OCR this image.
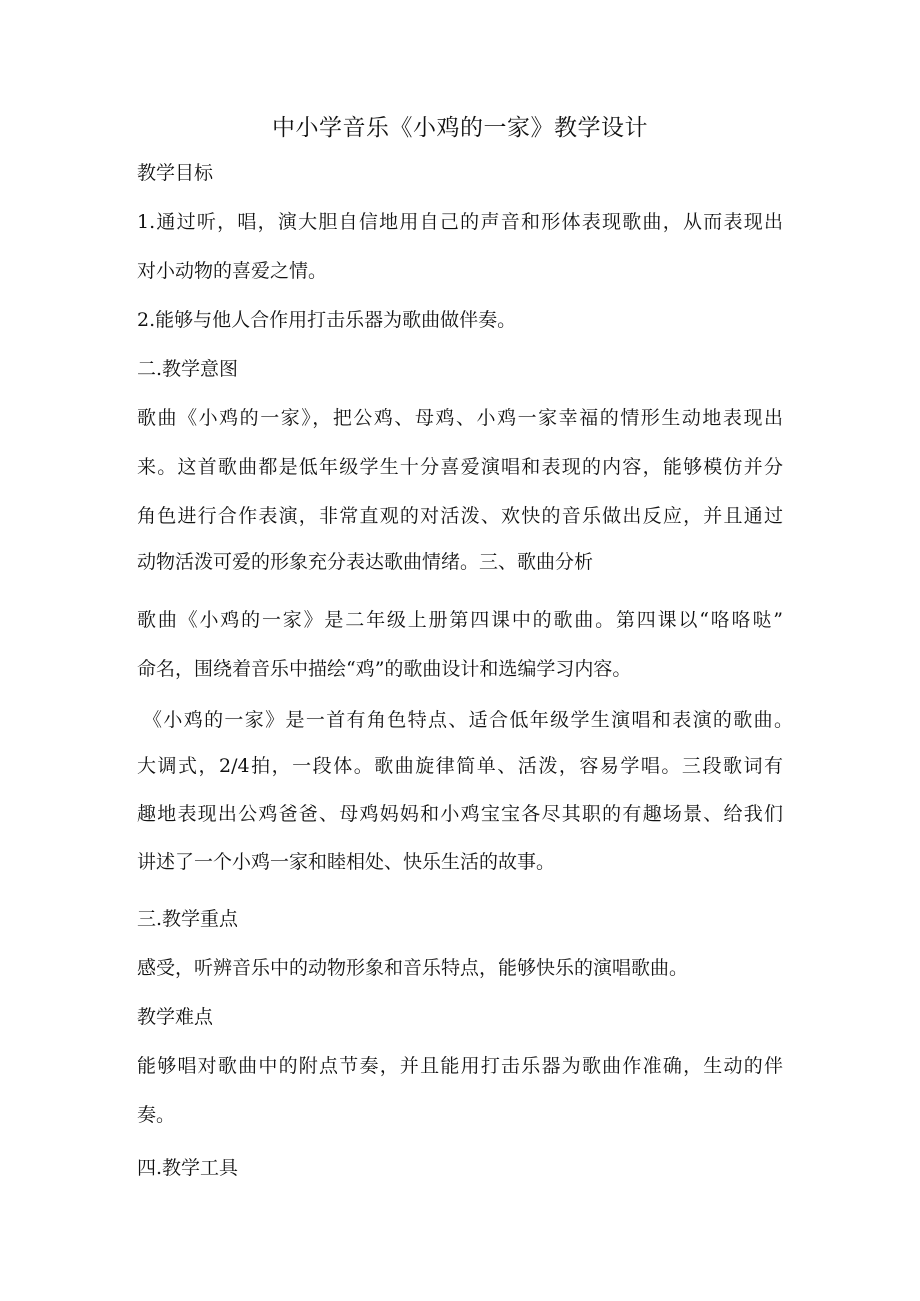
中小学音乐《小鸡的一家》教学设计
教学目标
1.通过听，唱，演大胆自信地用自己的声音和形体表现歌曲，从而表现出
对小动物的喜爱之情。
2.能够与他人合作用打击乐器为歌曲做伴奏。
二.教学意图
歌曲《小鸡的一家》，把公鸡、母鸡、小鸡一家幸福的情形生动地表现出
来。这首歌曲都是低年级学生十分喜爱演唱和表现的内容，能够模仿并分
角色进行合作表演，非常直观的对活泼、欢快的音乐做出反应，并且通过
动物活泼可爱的形象充分表达歌曲情绪。三、歌曲分析
歌曲《小鸡的一家》是二年级上册第四课中的歌曲。第四课以“咯咯哒”
命名，围绕着音乐中描绘“鸡”的歌曲设计和选编学习内容。
《小鸡的一家》是一首有角色特点、适合低年级学生演唱和表演的歌曲。
大调式，2/4拍，一段体。歌曲旋律简单、活泼，容易学唱。三段歌词有
趣地表现出公鸡爸爸、母鸡妈妈和小鸡宝宝各尽其职的有趣场景、给我们
讲述了一个小鸡一家和睦相处、快乐生活的故事。
三.教学重点
感受，听辨音乐中的动物形象和音乐特点，能够快乐的演唱歌曲。
教学难点
能够唱对歌曲中的附点节奏，并且能用打击乐器为歌曲作准确，生动的伴
奏。
四.教学工具
